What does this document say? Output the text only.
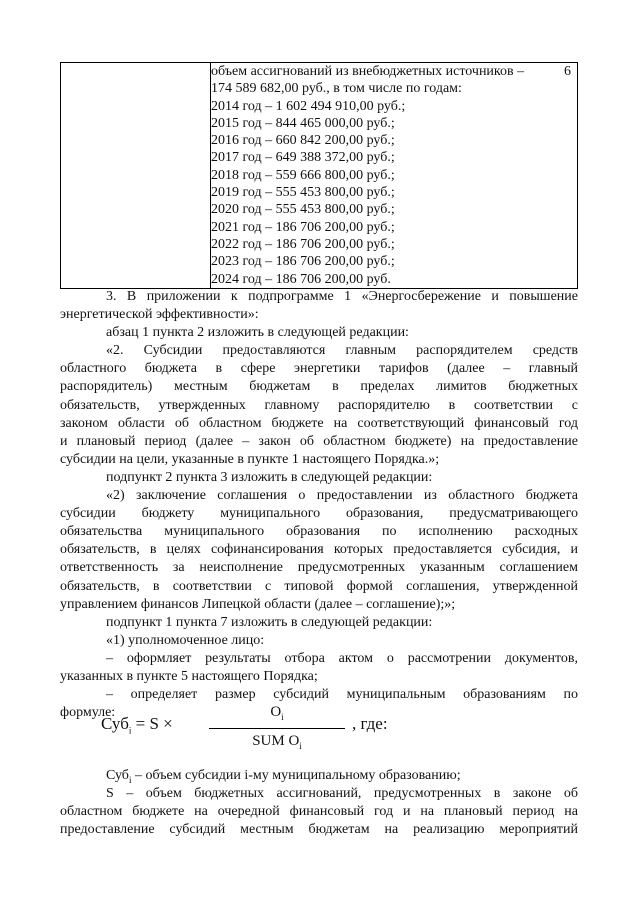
объем ассигнований из внебюджетных источников –	6
174 589 682,00 руб., в том числе по годам:
2014 год – 1 602 494 910,00 руб.;
2015 год – 844 465 000,00 руб.;
2016 год – 660 842 200,00 руб.;
2017 год – 649 388 372,00 руб.;
2018 год – 559 666 800,00 руб.;
2019 год – 555 453 800,00 руб.;
2020 год – 555 453 800,00 руб.;
2021 год – 186 706 200,00 руб.;
2022 год – 186 706 200,00 руб.;
2023 год – 186 706 200,00 руб.;
2024 год – 186 706 200,00 руб.
3. В приложении к подпрограмме 1 «Энергосбережение и повышение
энергетической эффективности»:
абзац 1 пункта 2 изложить в следующей редакции:
«2. Субсидии предоставляются главным распорядителем средств
областного бюджета в сфере энергетики тарифов (далее – главный
распорядитель) местным бюджетам в пределах лимитов бюджетных
обязательств, утвержденных главному распорядителю в соответствии с
законом области об областном бюджете на соответствующий финансовый год
и плановый период (далее – закон об областном бюджете) на предоставление
субсидии на цели, указанные в пункте 1 настоящего Порядка.»;
подпункт 2 пункта 3 изложить в следующей редакции:
«2) заключение соглашения о предоставлении из областного бюджета
субсидии бюджету муниципального образования, предусматривающего
обязательства муниципального образования по исполнению расходных
обязательств, в целях софинансирования которых предоставляется субсидия, и
ответственность за неисполнение предусмотренных указанным соглашением
обязательств, в соответствии с типовой формой соглашения, утвержденной
управлением финансов Липецкой области (далее – соглашение);»;
подпункт 1 пункта 7 изложить в следующей редакции:
«1) уполномоченное лицо:
– оформляет результаты отбора актом о рассмотрении документов,
указанных в пункте 5 настоящего Порядка;
– определяет размер субсидий муниципальным образованиям по
формуле:
Суб$_i$ = S ×
$О_i$
SUM $О_i$
, где:
Суб$_i$ – объем субсидии i-му муниципальному образованию;
S – объем бюджетных ассигнований, предусмотренных в законе об
областном бюджете на очередной финансовый год и на плановый период на
предоставление субсидий местным бюджетам на реализацию мероприятий
